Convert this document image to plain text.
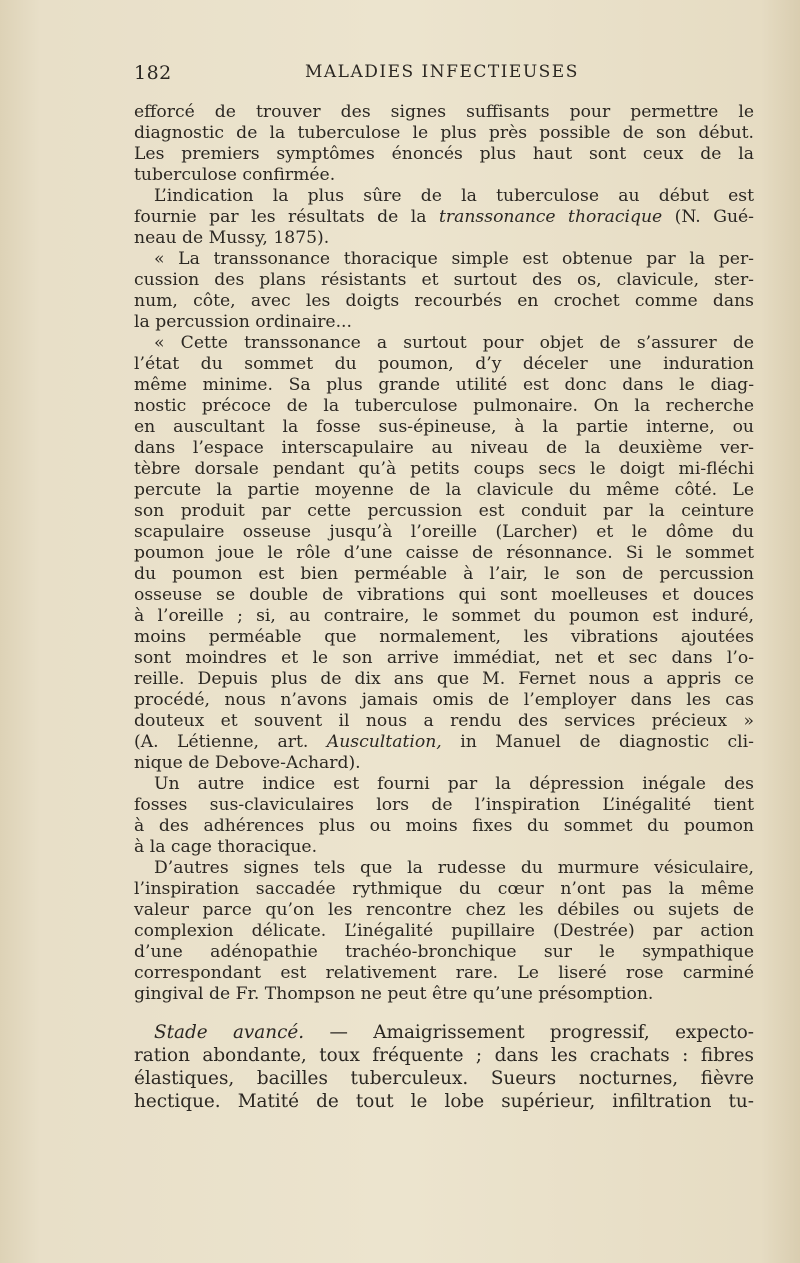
182	MALADIES INFECTIEUSES
efforcé de trouver des signes suffisants pour permettre le
diagnostic de la tuberculose le plus près possible de son début.
Les premiers symptômes énoncés plus haut sont ceux de la
tuberculose confirmée.
L’indication la plus sûre de la tuberculose au début est
fournie par les résultats de la transsonance thoracique (N. Gué-
neau de Mussy, 1875).
« La transsonance thoracique simple est obtenue par la per-
cussion des plans résistants et surtout des os, clavicule, ster-
num, côte, avec les doigts recourbés en crochet comme dans
la percussion ordinaire...
« Cette transsonance a surtout pour objet de s’assurer de
l’état du sommet du poumon, d’y déceler une induration
même minime. Sa plus grande utilité est donc dans le diag-
nostic précoce de la tuberculose pulmonaire. On la recherche
en auscultant la fosse sus-épineuse, à la partie interne, ou
dans l’espace interscapulaire au niveau de la deuxième ver-
tèbre dorsale pendant qu’à petits coups secs le doigt mi-fléchi
percute la partie moyenne de la clavicule du même côté. Le
son produit par cette percussion est conduit par la ceinture
scapulaire osseuse jusqu’à l’oreille (Larcher) et le dôme du
poumon joue le rôle d’une caisse de résonnance. Si le sommet
du poumon est bien perméable à l’air, le son de percussion
osseuse se double de vibrations qui sont moelleuses et douces
à l’oreille ; si, au contraire, le sommet du poumon est induré,
moins perméable que normalement, les vibrations ajoutées
sont moindres et le son arrive immédiat, net et sec dans l’o-
reille. Depuis plus de dix ans que M. Fernet nous a appris ce
procédé, nous n’avons jamais omis de l’employer dans les cas
douteux et souvent il nous a rendu des services précieux »
(A. Létienne, art. Auscultation, in Manuel de diagnostic cli-
nique de Debove-Achard).
Un autre indice est fourni par la dépression inégale des
fosses sus-claviculaires lors de l’inspiration L’inégalité tient
à des adhérences plus ou moins fixes du sommet du poumon
à la cage thoracique.
D’autres signes tels que la rudesse du murmure vésiculaire,
l’inspiration saccadée rythmique du cœur n’ont pas la même
valeur parce qu’on les rencontre chez les débiles ou sujets de
complexion délicate. L’inégalité pupillaire (Destrée) par action
d’une adénopathie trachéo-bronchique sur le sympathique
correspondant est relativement rare. Le liseré rose carminé
gingival de Fr. Thompson ne peut être qu’une présomption.
Stade avancé. — Amaigrissement progressif, expecto-
ration abondante, toux fréquente ; dans les crachats : fibres
élastiques, bacilles tuberculeux. Sueurs nocturnes, fièvre
hectique. Matité de tout le lobe supérieur, infiltration tu-
